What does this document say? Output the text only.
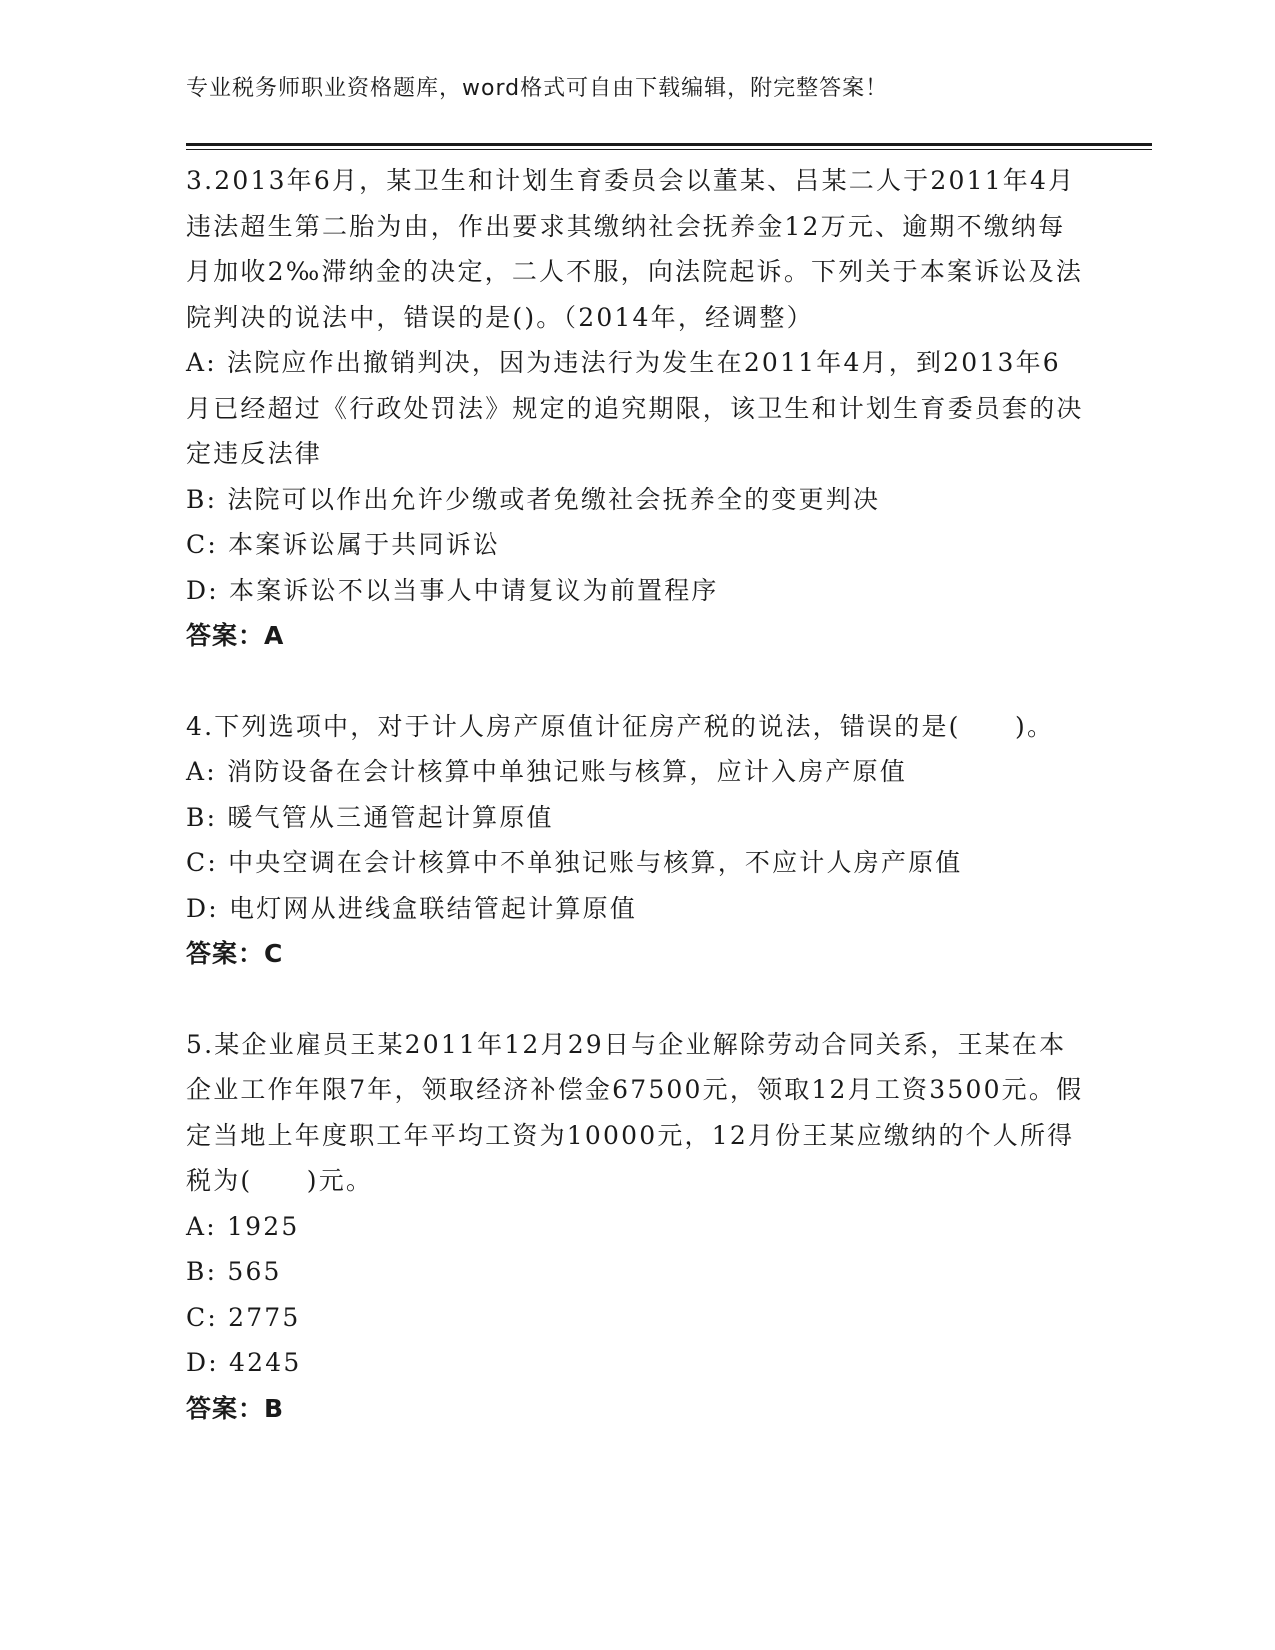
专业税务师职业资格题库，word格式可自由下载编辑，附完整答案！

3.2013年6月，某卫生和计划生育委员会以董某、吕某二人于2011年4月违法超生第二胎为由，作出要求其缴纳社会抚养金12万元、逾期不缴纳每月加收2‰滞纳金的决定，二人不服，向法院起诉。下列关于本案诉讼及法院判决的说法中，错误的是()。（2014年，经调整）

A: 法院应作出撤销判决，因为违法行为发生在2011年4月，到2013年6月已经超过《行政处罚法》规定的追究期限，该卫生和计划生育委员套的决定违反法律

B: 法院可以作出允许少缴或者免缴社会抚养全的变更判决

C: 本案诉讼属于共同诉讼

D: 本案诉讼不以当事人中请复议为前置程序

答案：A

4.下列选项中，对于计人房产原值计征房产税的说法，错误的是(　　)。

A: 消防设备在会计核算中单独记账与核算，应计入房产原值

B: 暖气管从三通管起计算原值

C: 中央空调在会计核算中不单独记账与核算，不应计人房产原值

D: 电灯网从进线盒联结管起计算原值

答案：C

5.某企业雇员王某2011年12月29日与企业解除劳动合同关系，王某在本企业工作年限7年，领取经济补偿金67500元，领取12月工资3500元。假定当地上年度职工年平均工资为10000元，12月份王某应缴纳的个人所得税为(　　)元。

A: 1925

B: 565

C: 2775

D: 4245

答案：B
